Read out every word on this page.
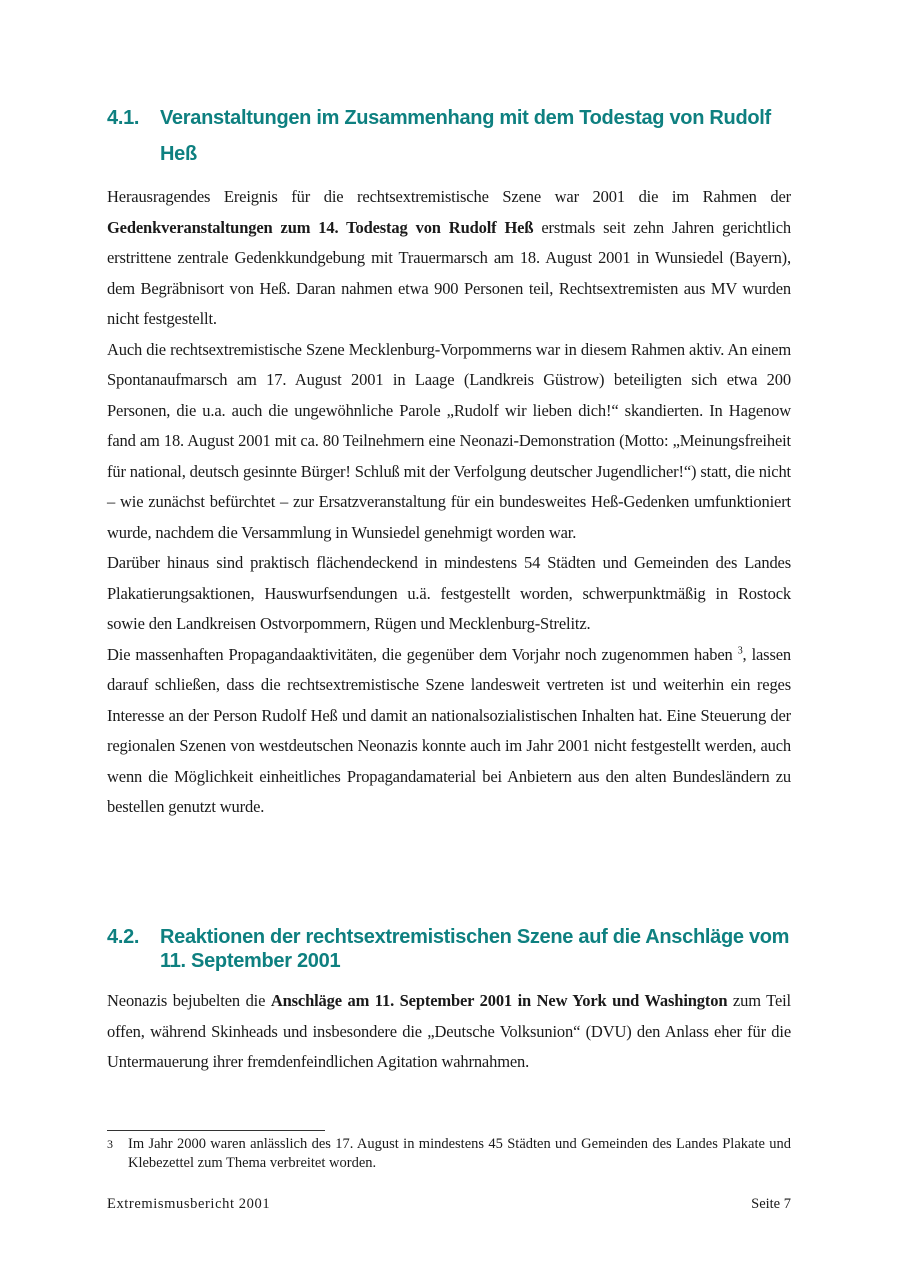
4.1. Veranstaltungen im Zusammenhang mit dem Todestag von Rudolf Heß

Herausragendes Ereignis für die rechtsextremistische Szene war 2001 die im Rahmen der Gedenkveranstaltungen zum 14. Todestag von Rudolf Heß erstmals seit zehn Jahren gerichtlich erstrittene zentrale Gedenkkundgebung mit Trauermarsch am 18. August 2001 in Wunsiedel (Bayern), dem Begräbnisort von Heß. Daran nahmen etwa 900 Personen teil, Rechtsextremisten aus MV wurden nicht festgestellt.

Auch die rechtsextremistische Szene Mecklenburg-Vorpommerns war in diesem Rahmen aktiv. An einem Spontanaufmarsch am 17. August 2001 in Laage (Landkreis Güstrow) beteiligten sich etwa 200 Personen, die u.a. auch die ungewöhnliche Parole „Rudolf wir lieben dich!“ skandierten. In Hagenow fand am 18. August 2001 mit ca. 80 Teilnehmern eine Neonazi-Demonstration (Motto: „Meinungsfreiheit für national, deutsch gesinnte Bürger! Schluß mit der Verfolgung deutscher Jugendlicher!“) statt, die nicht – wie zunächst befürchtet – zur Ersatzveranstaltung für ein bundesweites Heß-Gedenken umfunktioniert wurde, nachdem die Versammlung in Wunsiedel genehmigt worden war.

Darüber hinaus sind praktisch flächendeckend in mindestens 54 Städten und Gemeinden des Landes Plakatierungsaktionen, Hauswurfsendungen u.ä. festgestellt worden, schwerpunktmäßig in Rostock sowie den Landkreisen Ostvorpommern, Rügen und Mecklenburg-Strelitz.

Die massenhaften Propagandaaktivitäten, die gegenüber dem Vorjahr noch zugenommen haben $^3$, lassen darauf schließen, dass die rechtsextremistische Szene landesweit vertreten ist und weiterhin ein reges Interesse an der Person Rudolf Heß und damit an nationalsozialistischen Inhalten hat. Eine Steuerung der regionalen Szenen von westdeutschen Neonazis konnte auch im Jahr 2001 nicht festgestellt werden, auch wenn die Möglichkeit einheitliches Propagandamaterial bei Anbietern aus den alten Bundesländern zu bestellen genutzt wurde.

4.2. Reaktionen der rechtsextremistischen Szene auf die Anschläge vom 11. September 2001

Neonazis bejubelten die Anschläge am 11. September 2001 in New York und Washington zum Teil offen, während Skinheads und insbesondere die „Deutsche Volksunion“ (DVU) den Anlass eher für die Untermauerung ihrer fremdenfeindlichen Agitation wahrnahmen.

3 Im Jahr 2000 waren anlässlich des 17. August in mindestens 45 Städten und Gemeinden des Landes Plakate und Klebezettel zum Thema verbreitet worden.
Extremismusbericht 2001	Seite 7
